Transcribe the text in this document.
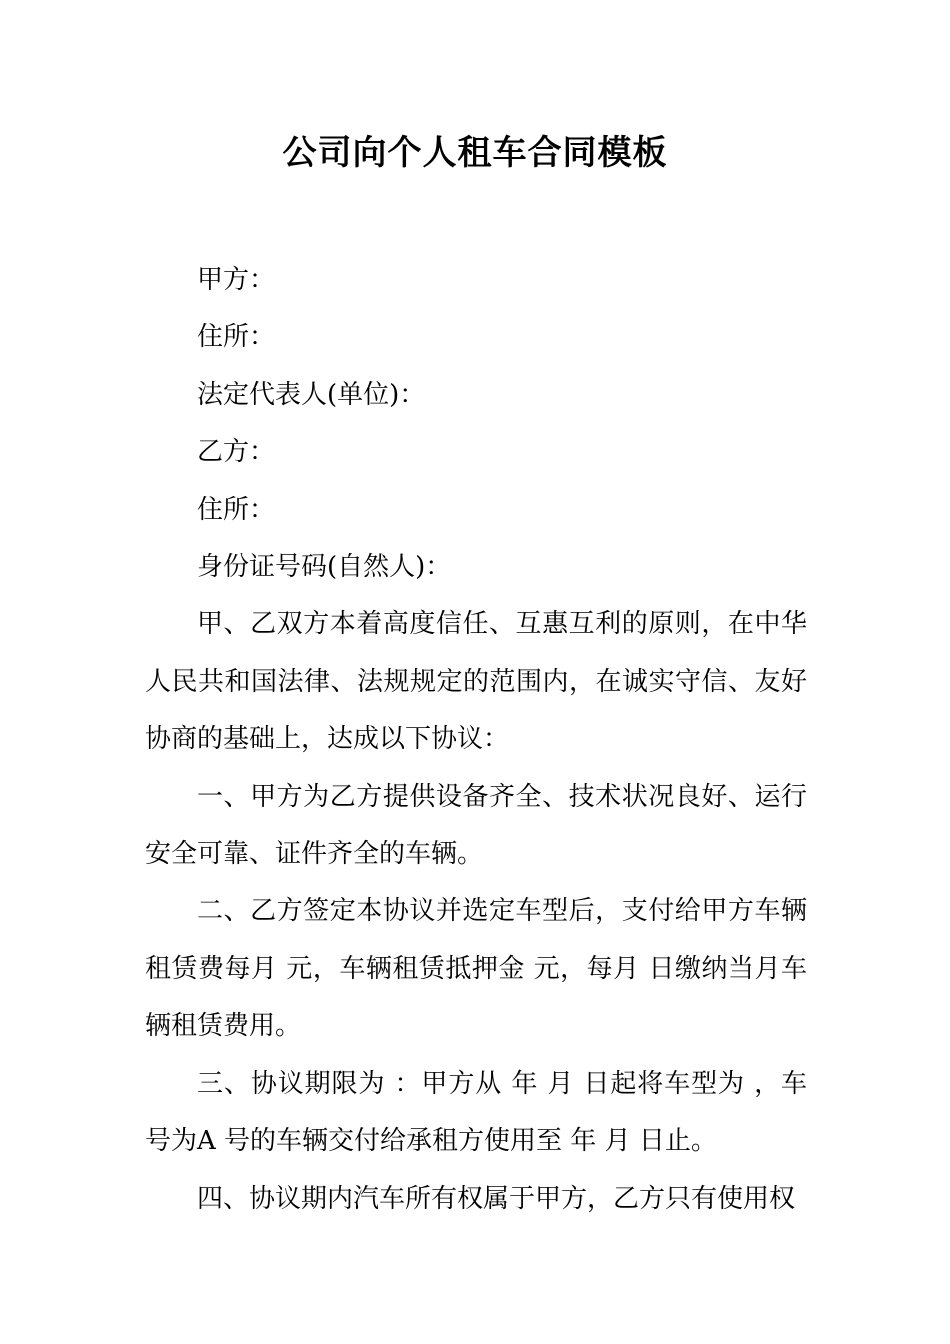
公司向个人租车合同模板

甲方：

住所：

法定代表人(单位)：

乙方：

住所：

身份证号码(自然人)：

甲、乙双方本着高度信任、互惠互利的原则，在中华人民共和国法律、法规规定的范围内，在诚实守信、友好协商的基础上，达成以下协议：

一、甲方为乙方提供设备齐全、技术状况良好、运行安全可靠、证件齐全的车辆。

二、乙方签定本协议并选定车型后，支付给甲方车辆租赁费每月 元，车辆租赁抵押金 元，每月 日缴纳当月车辆租赁费用。

三、协议期限为 ：甲方从 年 月 日起将车型为 ，车号为A 号的车辆交付给承租方使用至 年 月 日止。

四、协议期内汽车所有权属于甲方，乙方只有使用权
